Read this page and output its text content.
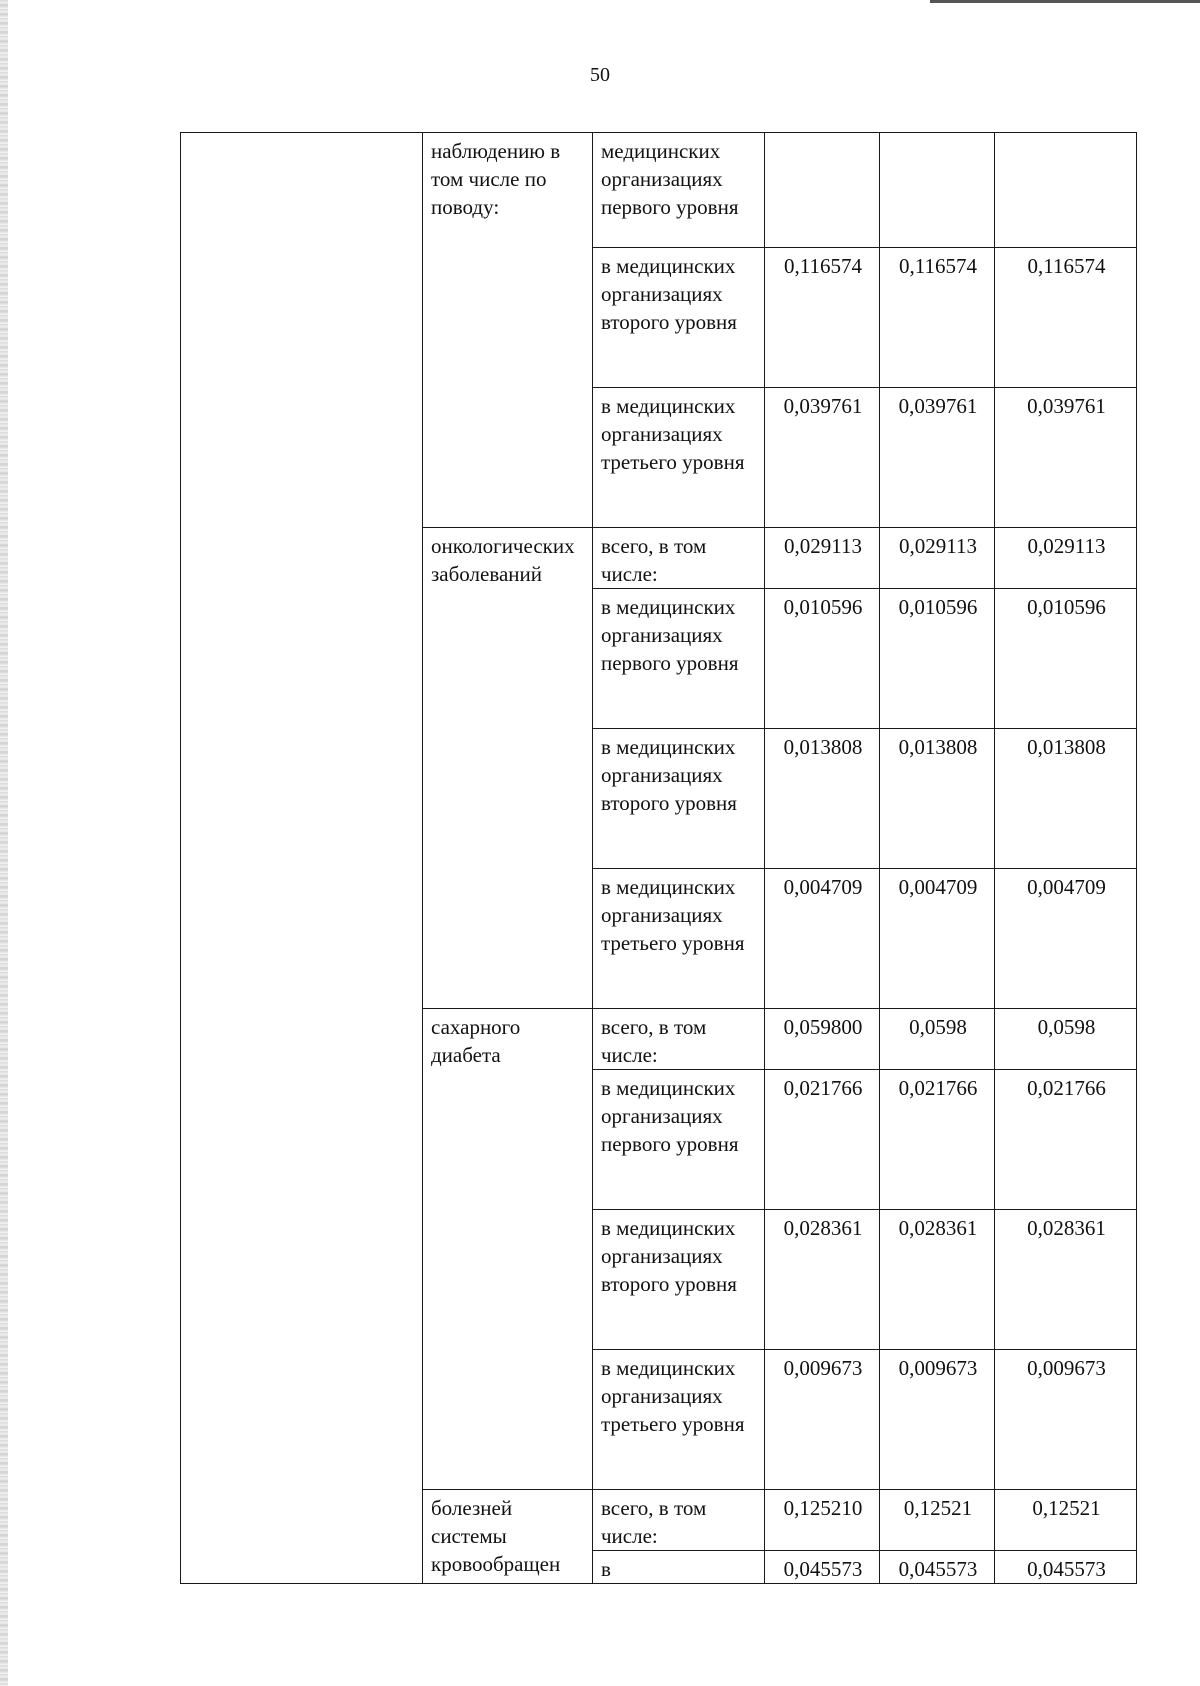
50
	наблюдению в том числе по поводу:	медицинских организациях первого уровня			
		в медицинских организациях второго уровня	0,116574	0,116574	0,116574
		в медицинских организациях третьего уровня	0,039761	0,039761	0,039761
	онкологических заболеваний	всего, в том числе:	0,029113	0,029113	0,029113
		в медицинских организациях первого уровня	0,010596	0,010596	0,010596
		в медицинских организациях второго уровня	0,013808	0,013808	0,013808
		в медицинских организациях третьего уровня	0,004709	0,004709	0,004709
	сахарного диабета	всего, в том числе:	0,059800	0,0598	0,0598
		в медицинских организациях первого уровня	0,021766	0,021766	0,021766
		в медицинских организациях второго уровня	0,028361	0,028361	0,028361
		в медицинских организациях третьего уровня	0,009673	0,009673	0,009673
	болезней системы кровообращен	всего, в том числе:	0,125210	0,12521	0,12521
		в	0,045573	0,045573	0,045573
